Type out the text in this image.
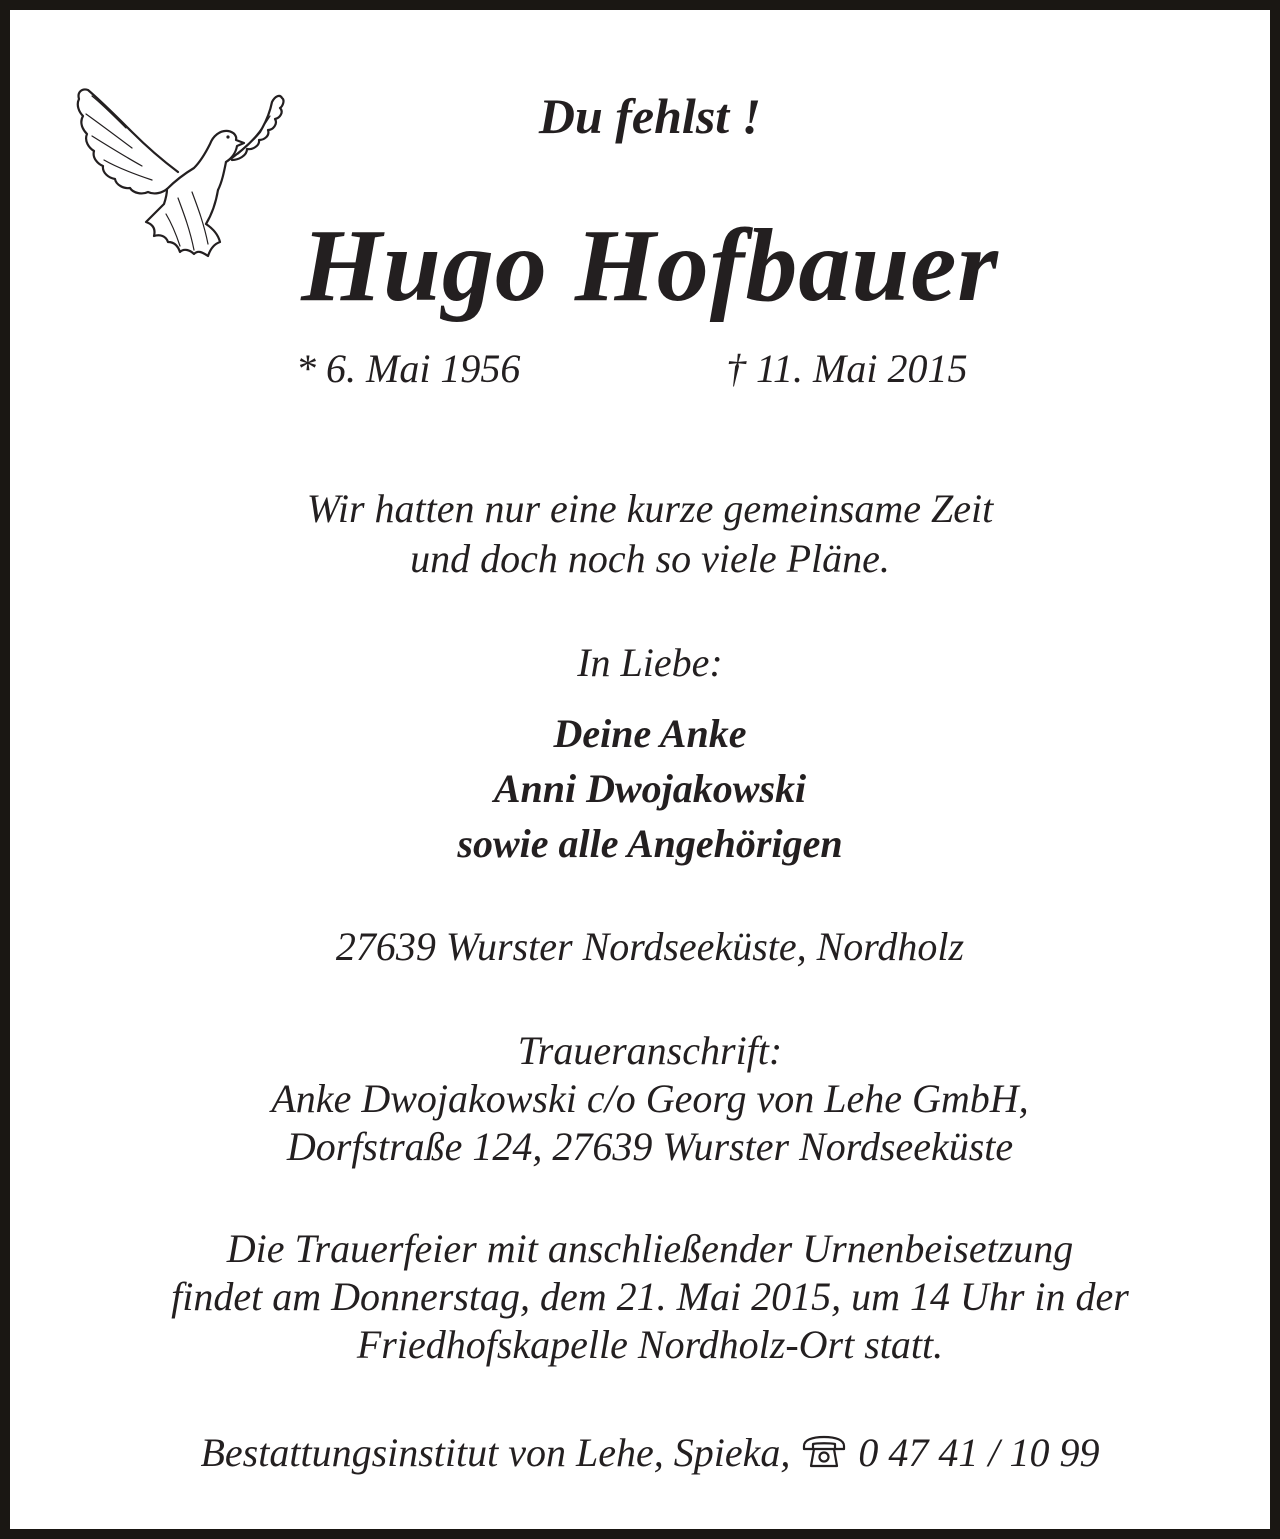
Du fehlst !
Hugo Hofbauer
* 6. Mai 1956	† 11. Mai 2015
Wir hatten nur eine kurze gemeinsame Zeit
und doch noch so viele Pläne.
In Liebe:
Deine Anke
Anni Dwojakowski
sowie alle Angehörigen
27639 Wurster Nordseeküste, Nordholz
Traueranschrift:
Anke Dwojakowski c/o Georg von Lehe GmbH,
Dorfstraße 124, 27639 Wurster Nordseeküste
Die Trauerfeier mit anschließender Urnenbeisetzung
findet am Donnerstag, dem 21. Mai 2015, um 14 Uhr in der
Friedhofskapelle Nordholz-Ort statt.
Bestattungsinstitut von Lehe, Spieka, 0 47 41 / 10 99
